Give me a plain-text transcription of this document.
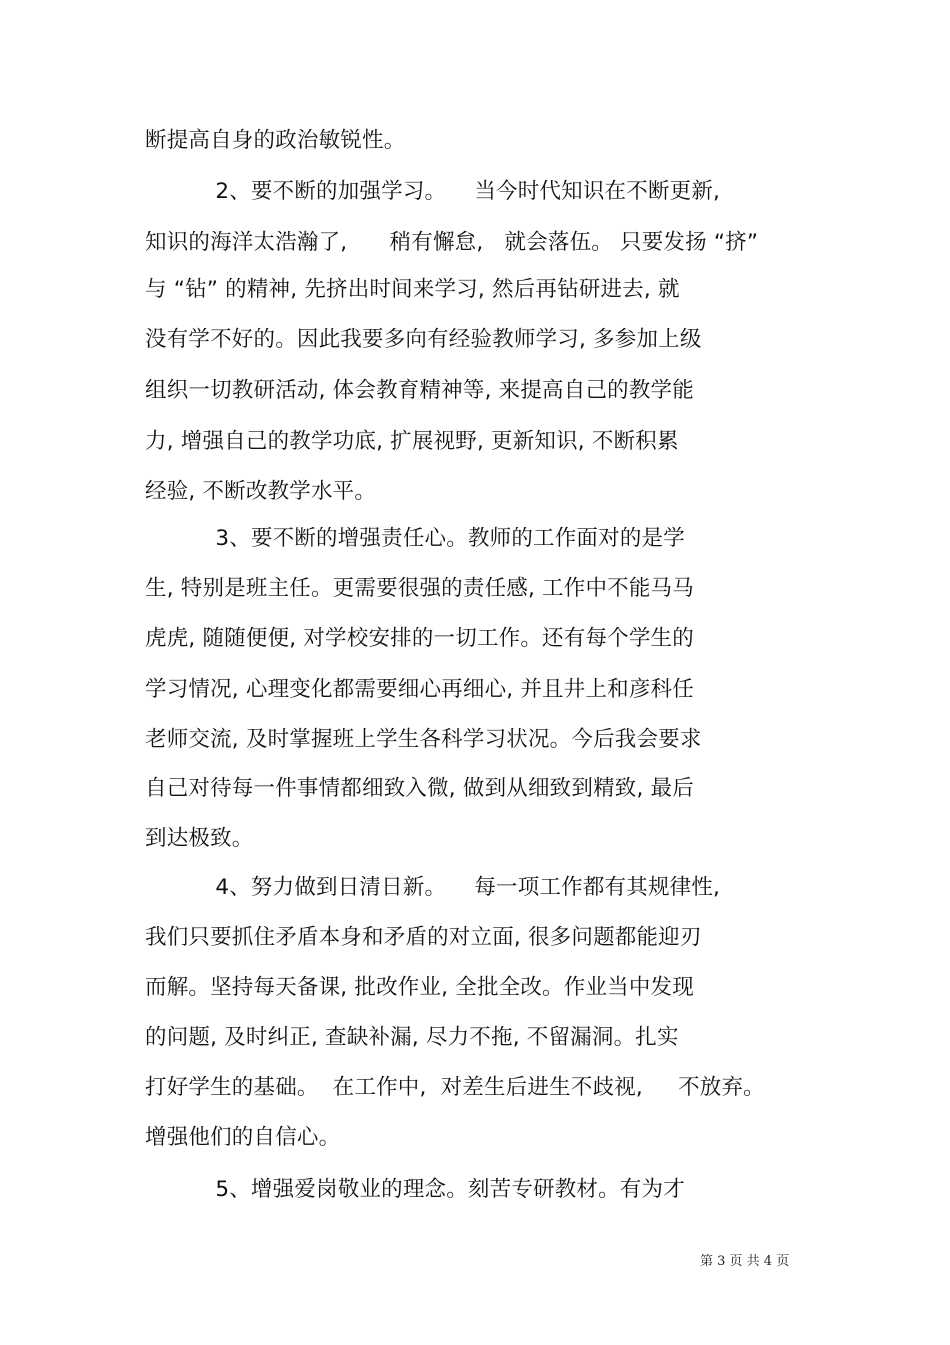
断提高自身的政治敏锐性。
2、要不断的加强学习。    当今时代知识在不断更新,
知识的海洋太浩瀚了,      稍有懈怠,   就会落伍。 只要发扬 “挤”
与 “钻” 的精神, 先挤出时间来学习, 然后再钻研进去, 就
没有学不好的。因此我要多向有经验教师学习, 多参加上级
组织一切教研活动, 体会教育精神等, 来提高自己的教学能
力, 增强自己的教学功底, 扩展视野, 更新知识, 不断积累
经验, 不断改教学水平。
3、要不断的增强责任心。教师的工作面对的是学
生, 特别是班主任。更需要很强的责任感, 工作中不能马马
虎虎, 随随便便, 对学校安排的一切工作。还有每个学生的
学习情况, 心理变化都需要细心再细心, 并且井上和彦科任
老师交流, 及时掌握班上学生各科学习状况。今后我会要求
自己对待每一件事情都细致入微, 做到从细致到精致, 最后
到达极致。
4、努力做到日清日新。    每一项工作都有其规律性,
我们只要抓住矛盾本身和矛盾的对立面, 很多问题都能迎刃
而解。坚持每天备课, 批改作业, 全批全改。作业当中发现
的问题, 及时纠正, 查缺补漏, 尽力不拖, 不留漏洞。扎实
打好学生的基础。  在工作中,  对差生后进生不歧视,     不放弃。
增强他们的自信心。
5、增强爱岗敬业的理念。刻苦专研教材。有为才
第 3 页 共 4 页
